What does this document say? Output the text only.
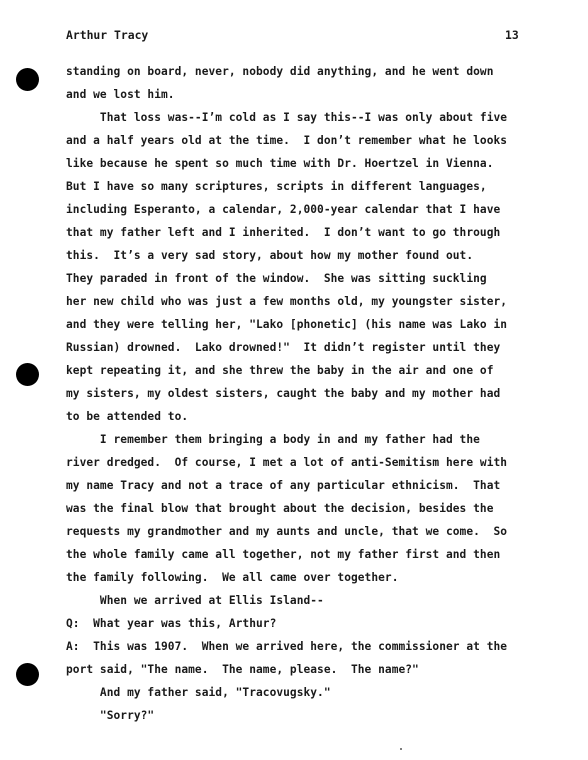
Arthur Tracy	13
standing on board, never, nobody did anything, and he went down
and we lost him.
That loss was--I’m cold as I say this--I was only about five
and a half years old at the time.  I don’t remember what he looks
like because he spent so much time with Dr. Hoertzel in Vienna.
But I have so many scriptures, scripts in different languages,
including Esperanto, a calendar, 2,000-year calendar that I have
that my father left and I inherited.  I don’t want to go through
this.  It’s a very sad story, about how my mother found out.
They paraded in front of the window.  She was sitting suckling
her new child who was just a few months old, my youngster sister,
and they were telling her, "Lako [phonetic] (his name was Lako in
Russian) drowned.  Lako drowned!"  It didn’t register until they
kept repeating it, and she threw the baby in the air and one of
my sisters, my oldest sisters, caught the baby and my mother had
to be attended to.
I remember them bringing a body in and my father had the
river dredged.  Of course, I met a lot of anti-Semitism here with
my name Tracy and not a trace of any particular ethnicism.  That
was the final blow that brought about the decision, besides the
requests my grandmother and my aunts and uncle, that we come.  So
the whole family came all together, not my father first and then
the family following.  We all came over together.
When we arrived at Ellis Island--
Q:  What year was this, Arthur?
A:  This was 1907.  When we arrived here, the commissioner at the
port said, "The name.  The name, please.  The name?"
And my father said, "Tracovugsky."
"Sorry?"
